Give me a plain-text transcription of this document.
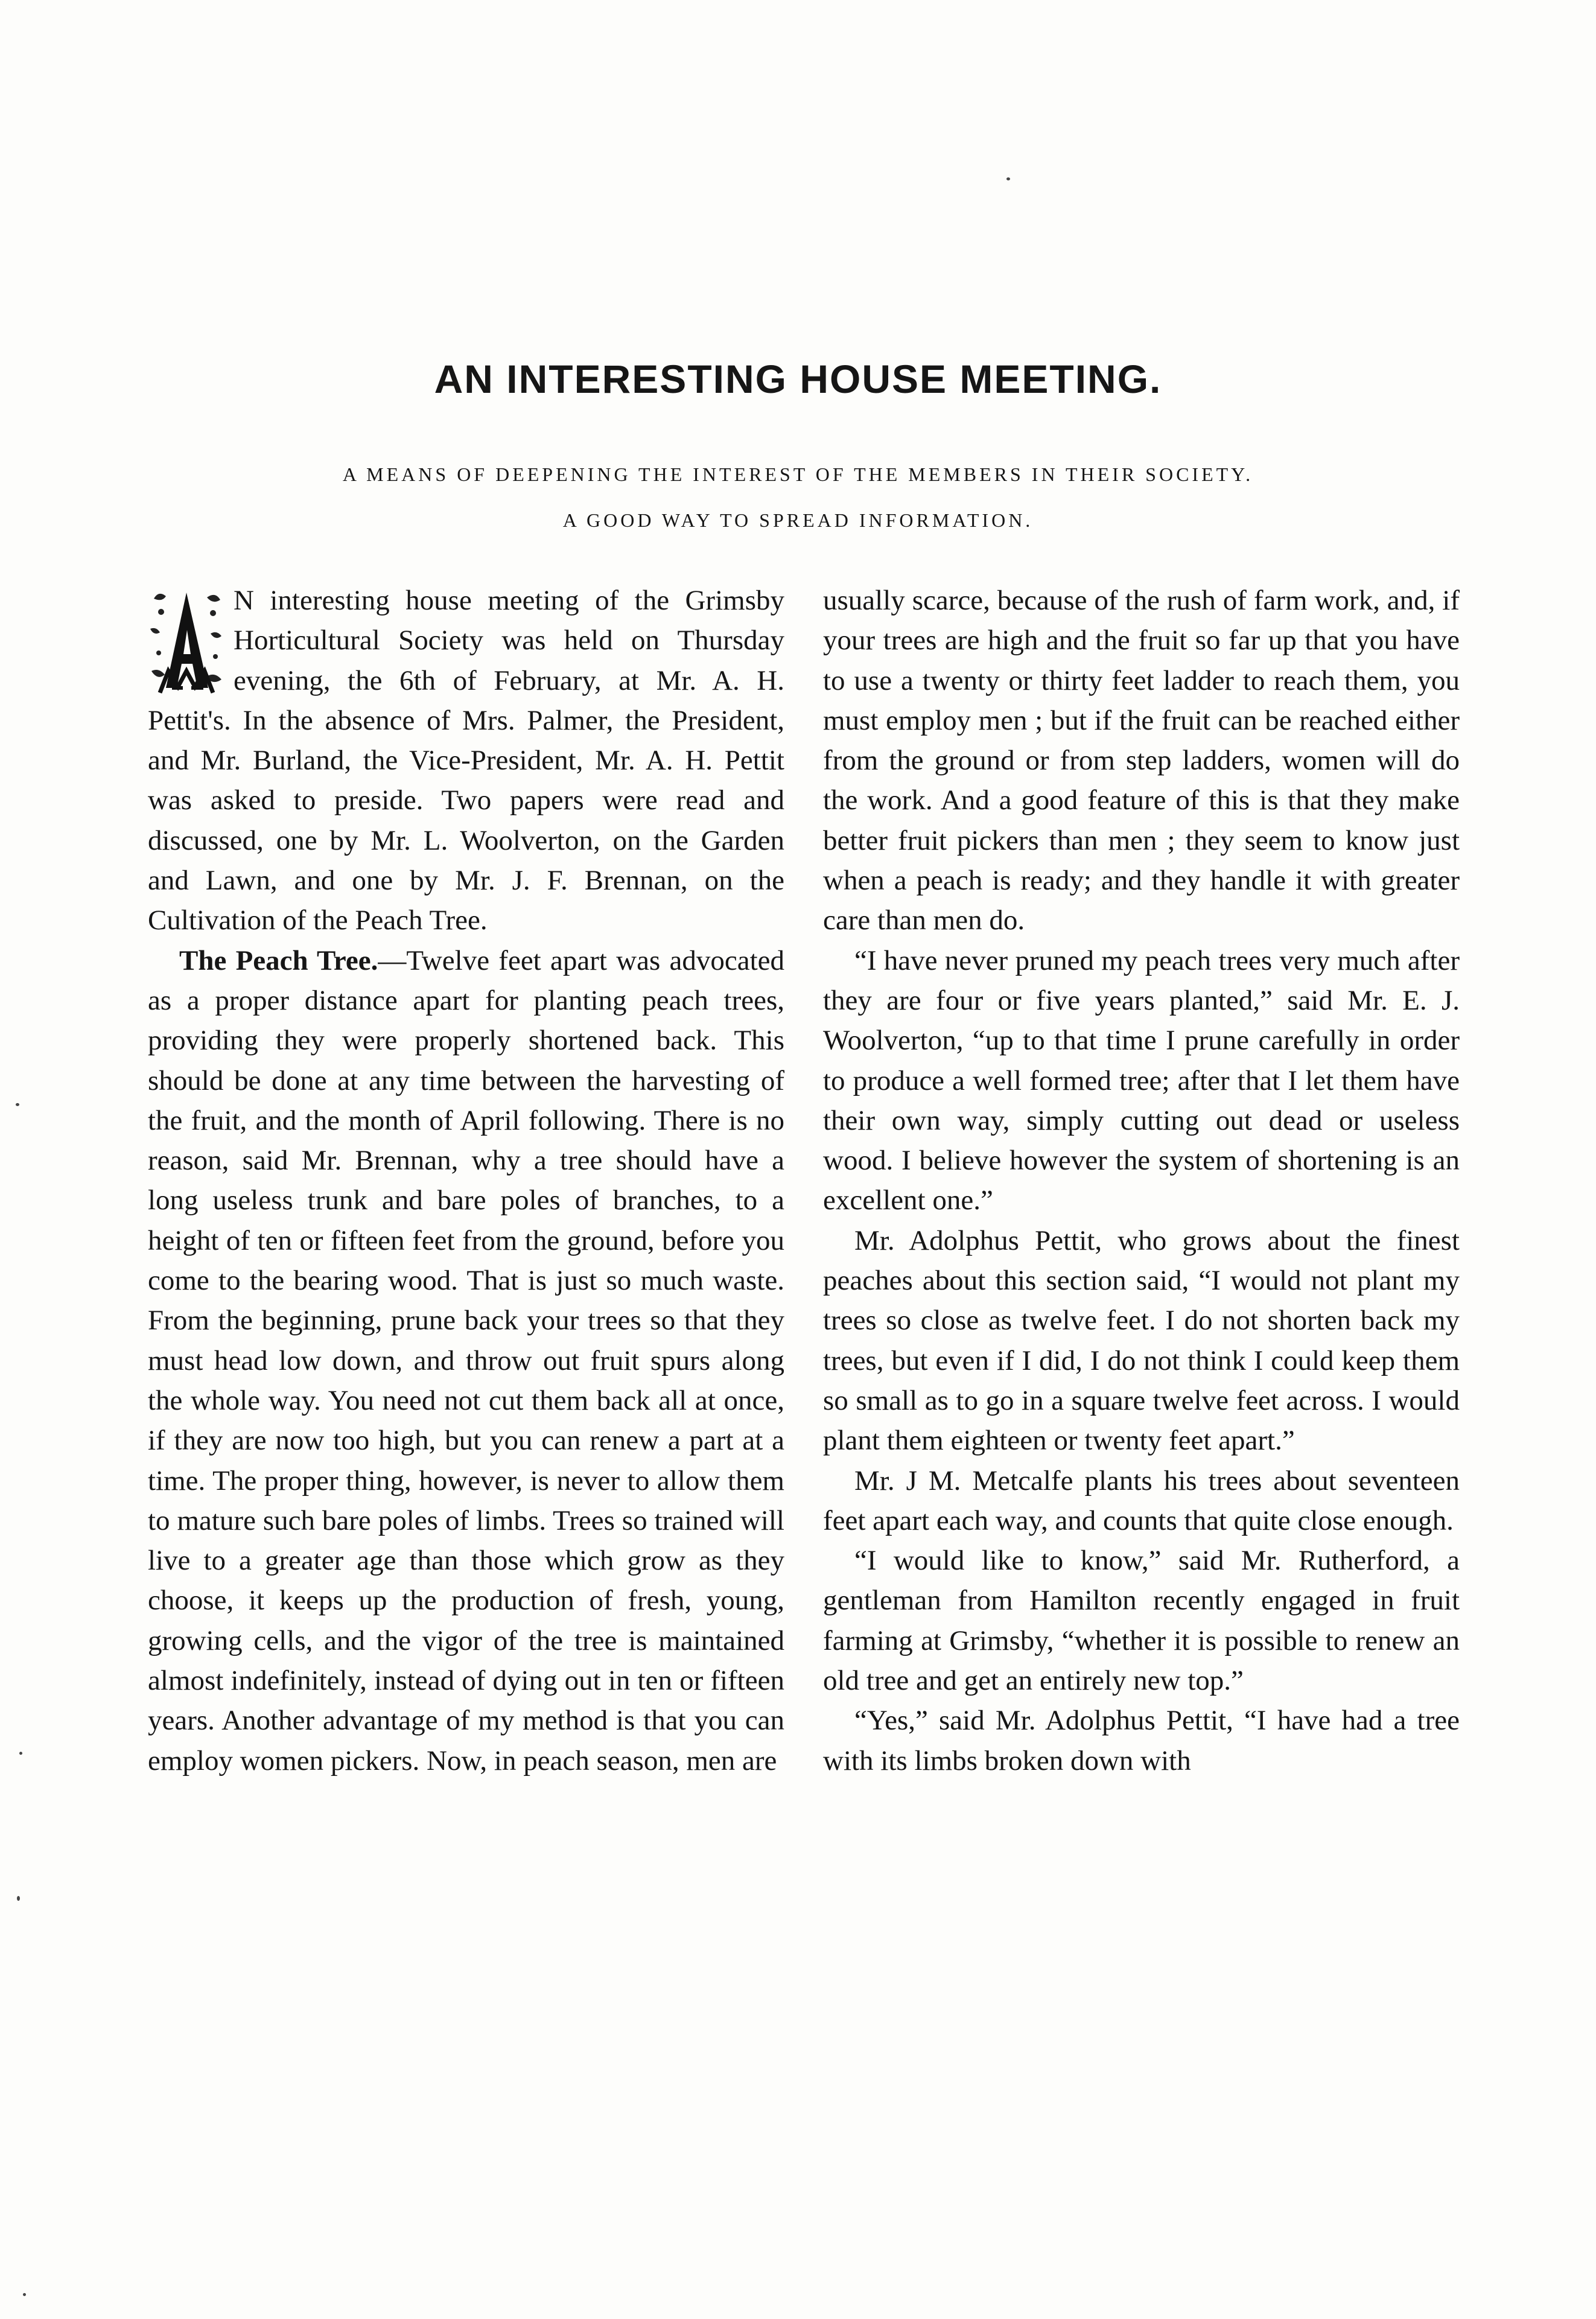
AN INTERESTING HOUSE MEETING.

A MEANS OF DEEPENING THE INTEREST OF THE MEMBERS IN THEIR SOCIETY.

A GOOD WAY TO SPREAD INFORMATION.

N interesting house meeting of the Grimsby Horticultural Society was held on Thursday evening, the 6th of February, at Mr. A. H. Pettit's. In the absence of Mrs. Palmer, the President, and Mr. Burland, the Vice-President, Mr. A. H. Pettit was asked to preside. Two papers were read and discussed, one by Mr. L. Woolverton, on the Garden and Lawn, and one by Mr. J. F. Brennan, on the Cultivation of the Peach Tree.

The Peach Tree.—Twelve feet apart was advocated as a proper distance apart for planting peach trees, providing they were properly shortened back. This should be done at any time between the harvesting of the fruit, and the month of April following. There is no reason, said Mr. Brennan, why a tree should have a long useless trunk and bare poles of branches, to a height of ten or fifteen feet from the ground, before you come to the bearing wood. That is just so much waste. From the beginning, prune back your trees so that they must head low down, and throw out fruit spurs along the whole way. You need not cut them back all at once, if they are now too high, but you can renew a part at a time. The proper thing, however, is never to allow them to mature such bare poles of limbs. Trees so trained will live to a greater age than those which grow as they choose, it keeps up the production of fresh, young, growing cells, and the vigor of the tree is maintained almost indefinitely, instead of dying out in ten or fifteen years. Another advantage of my method is that you can employ women pickers. Now, in peach season, men are

usually scarce, because of the rush of farm work, and, if your trees are high and the fruit so far up that you have to use a twenty or thirty feet ladder to reach them, you must employ men ; but if the fruit can be reached either from the ground or from step ladders, women will do the work. And a good feature of this is that they make better fruit pickers than men ; they seem to know just when a peach is ready; and they handle it with greater care than men do.

“I have never pruned my peach trees very much after they are four or five years planted,” said Mr. E. J. Woolverton, “up to that time I prune carefully in order to produce a well formed tree; after that I let them have their own way, simply cutting out dead or useless wood. I believe however the system of shortening is an excellent one.”

Mr. Adolphus Pettit, who grows about the finest peaches about this section said, “I would not plant my trees so close as twelve feet. I do not shorten back my trees, but even if I did, I do not think I could keep them so small as to go in a square twelve feet across. I would plant them eighteen or twenty feet apart.”

Mr. J M. Metcalfe plants his trees about seventeen feet apart each way, and counts that quite close enough.

“I would like to know,” said Mr. Rutherford, a gentleman from Hamilton recently engaged in fruit farming at Grimsby, “whether it is possible to renew an old tree and get an entirely new top.”

“Yes,” said Mr. Adolphus Pettit, “I have had a tree with its limbs broken down with
